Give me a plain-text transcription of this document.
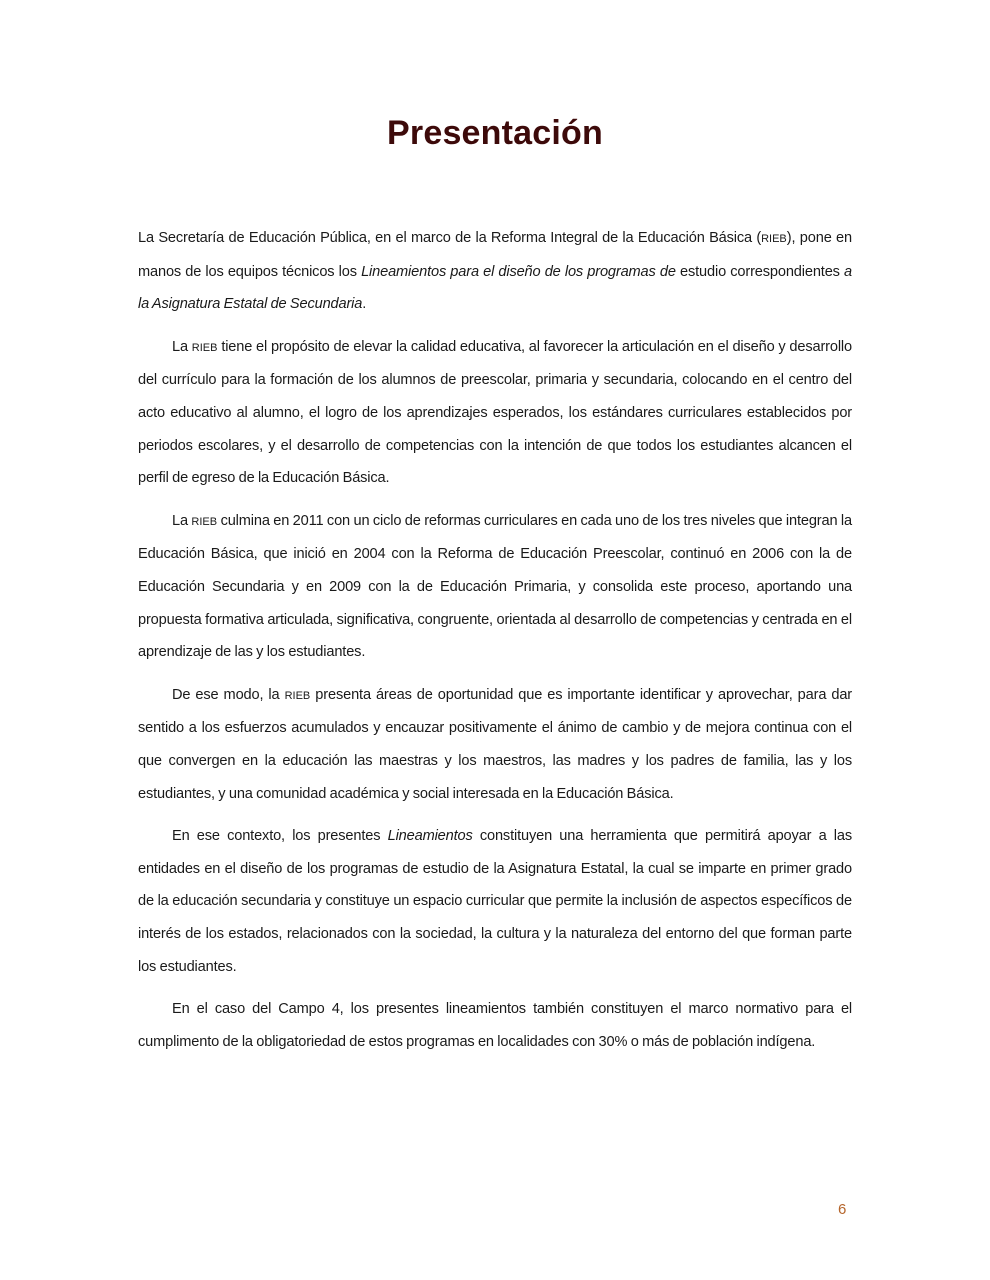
Presentación

La Secretaría de Educación Pública, en el marco de la Reforma Integral de la Educación Básica (RIEB), pone en manos de los equipos técnicos los Lineamientos para el diseño de los programas de estudio correspondientes a la Asignatura Estatal de Secundaria.

La RIEB tiene el propósito de elevar la calidad educativa, al favorecer la articulación en el diseño y desarrollo del currículo para la formación de los alumnos de preescolar, primaria y secundaria, colocando en el centro del acto educativo al alumno, el logro de los aprendizajes esperados, los estándares curriculares establecidos por periodos escolares, y el desarrollo de competencias con la intención de que todos los estudiantes alcancen el perfil de egreso de la Educación Básica.

La RIEB culmina en 2011 con un ciclo de reformas curriculares en cada uno de los tres niveles que integran la Educación Básica, que inició en 2004 con la Reforma de Educación Preescolar, continuó en 2006 con la de Educación Secundaria y en 2009 con la de Educación Primaria, y consolida este proceso, aportando una propuesta formativa articulada, significativa, congruente, orientada al desarrollo de competencias y centrada en el aprendizaje de las y los estudiantes.

De ese modo, la RIEB presenta áreas de oportunidad que es importante identificar y aprovechar, para dar sentido a los esfuerzos acumulados y encauzar positivamente el ánimo de cambio y de mejora continua con el que convergen en la educación las maestras y los maestros, las madres y los padres de familia, las y los estudiantes, y una comunidad académica y social interesada en la Educación Básica.

En ese contexto, los presentes Lineamientos constituyen una herramienta que permitirá apoyar a las entidades en el diseño de los programas de estudio de la Asignatura Estatal, la cual se imparte en primer grado de la educación secundaria y constituye un espacio curricular que permite la inclusión de aspectos específicos de interés de los estados, relacionados con la sociedad, la cultura y la naturaleza del entorno del que forman parte los estudiantes.

En el caso del Campo 4, los presentes lineamientos también constituyen el marco normativo para el cumplimento de la obligatoriedad de estos programas en localidades con 30% o más de población indígena.

6
